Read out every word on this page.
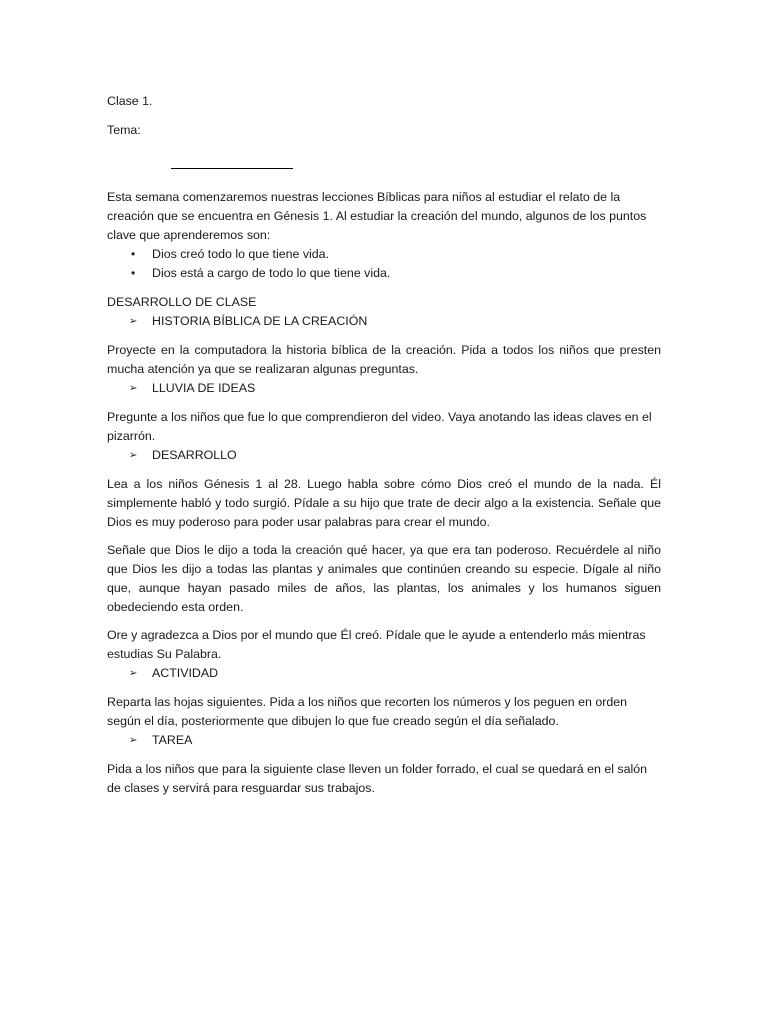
Clase 1.

Tema:

Esta semana comenzaremos nuestras lecciones Bíblicas para niños al estudiar el relato de la creación que se encuentra en Génesis 1. Al estudiar la creación del mundo, algunos de los puntos clave que aprenderemos son:

• Dios creó todo lo que tiene vida.
• Dios está a cargo de todo lo que tiene vida.

DESARROLLO DE CLASE

➢ HISTORIA BÍBLICA DE LA CREACIÓN

Proyecte en la computadora la historia bíblica de la creación. Pida a todos los niños que presten mucha atención ya que se realizaran algunas preguntas.

➢ LLUVIA DE IDEAS

Pregunte a los niños que fue lo que comprendieron del video. Vaya anotando las ideas claves en el pizarrón.

➢ DESARROLLO

Lea a los niños Génesis 1 al 28. Luego habla sobre cómo Dios creó el mundo de la nada. Él simplemente habló y todo surgió. Pídale a su hijo que trate de decir algo a la existencia. Señale que Dios es muy poderoso para poder usar palabras para crear el mundo.

Señale que Dios le dijo a toda la creación qué hacer, ya que era tan poderoso. Recuérdele al niño que Dios les dijo a todas las plantas y animales que continúen creando su especie. Dígale al niño que, aunque hayan pasado miles de años, las plantas, los animales y los humanos siguen obedeciendo esta orden.

Ore y agradezca a Dios por el mundo que Él creó. Pídale que le ayude a entenderlo más mientras estudias Su Palabra.

➢ ACTIVIDAD

Reparta las hojas siguientes. Pida a los niños que recorten los números y los peguen en orden según el día, posteriormente que dibujen lo que fue creado según el día señalado.

➢ TAREA

Pida a los niños que para la siguiente clase lleven un folder forrado, el cual se quedará en el salón de clases y servirá para resguardar sus trabajos.
